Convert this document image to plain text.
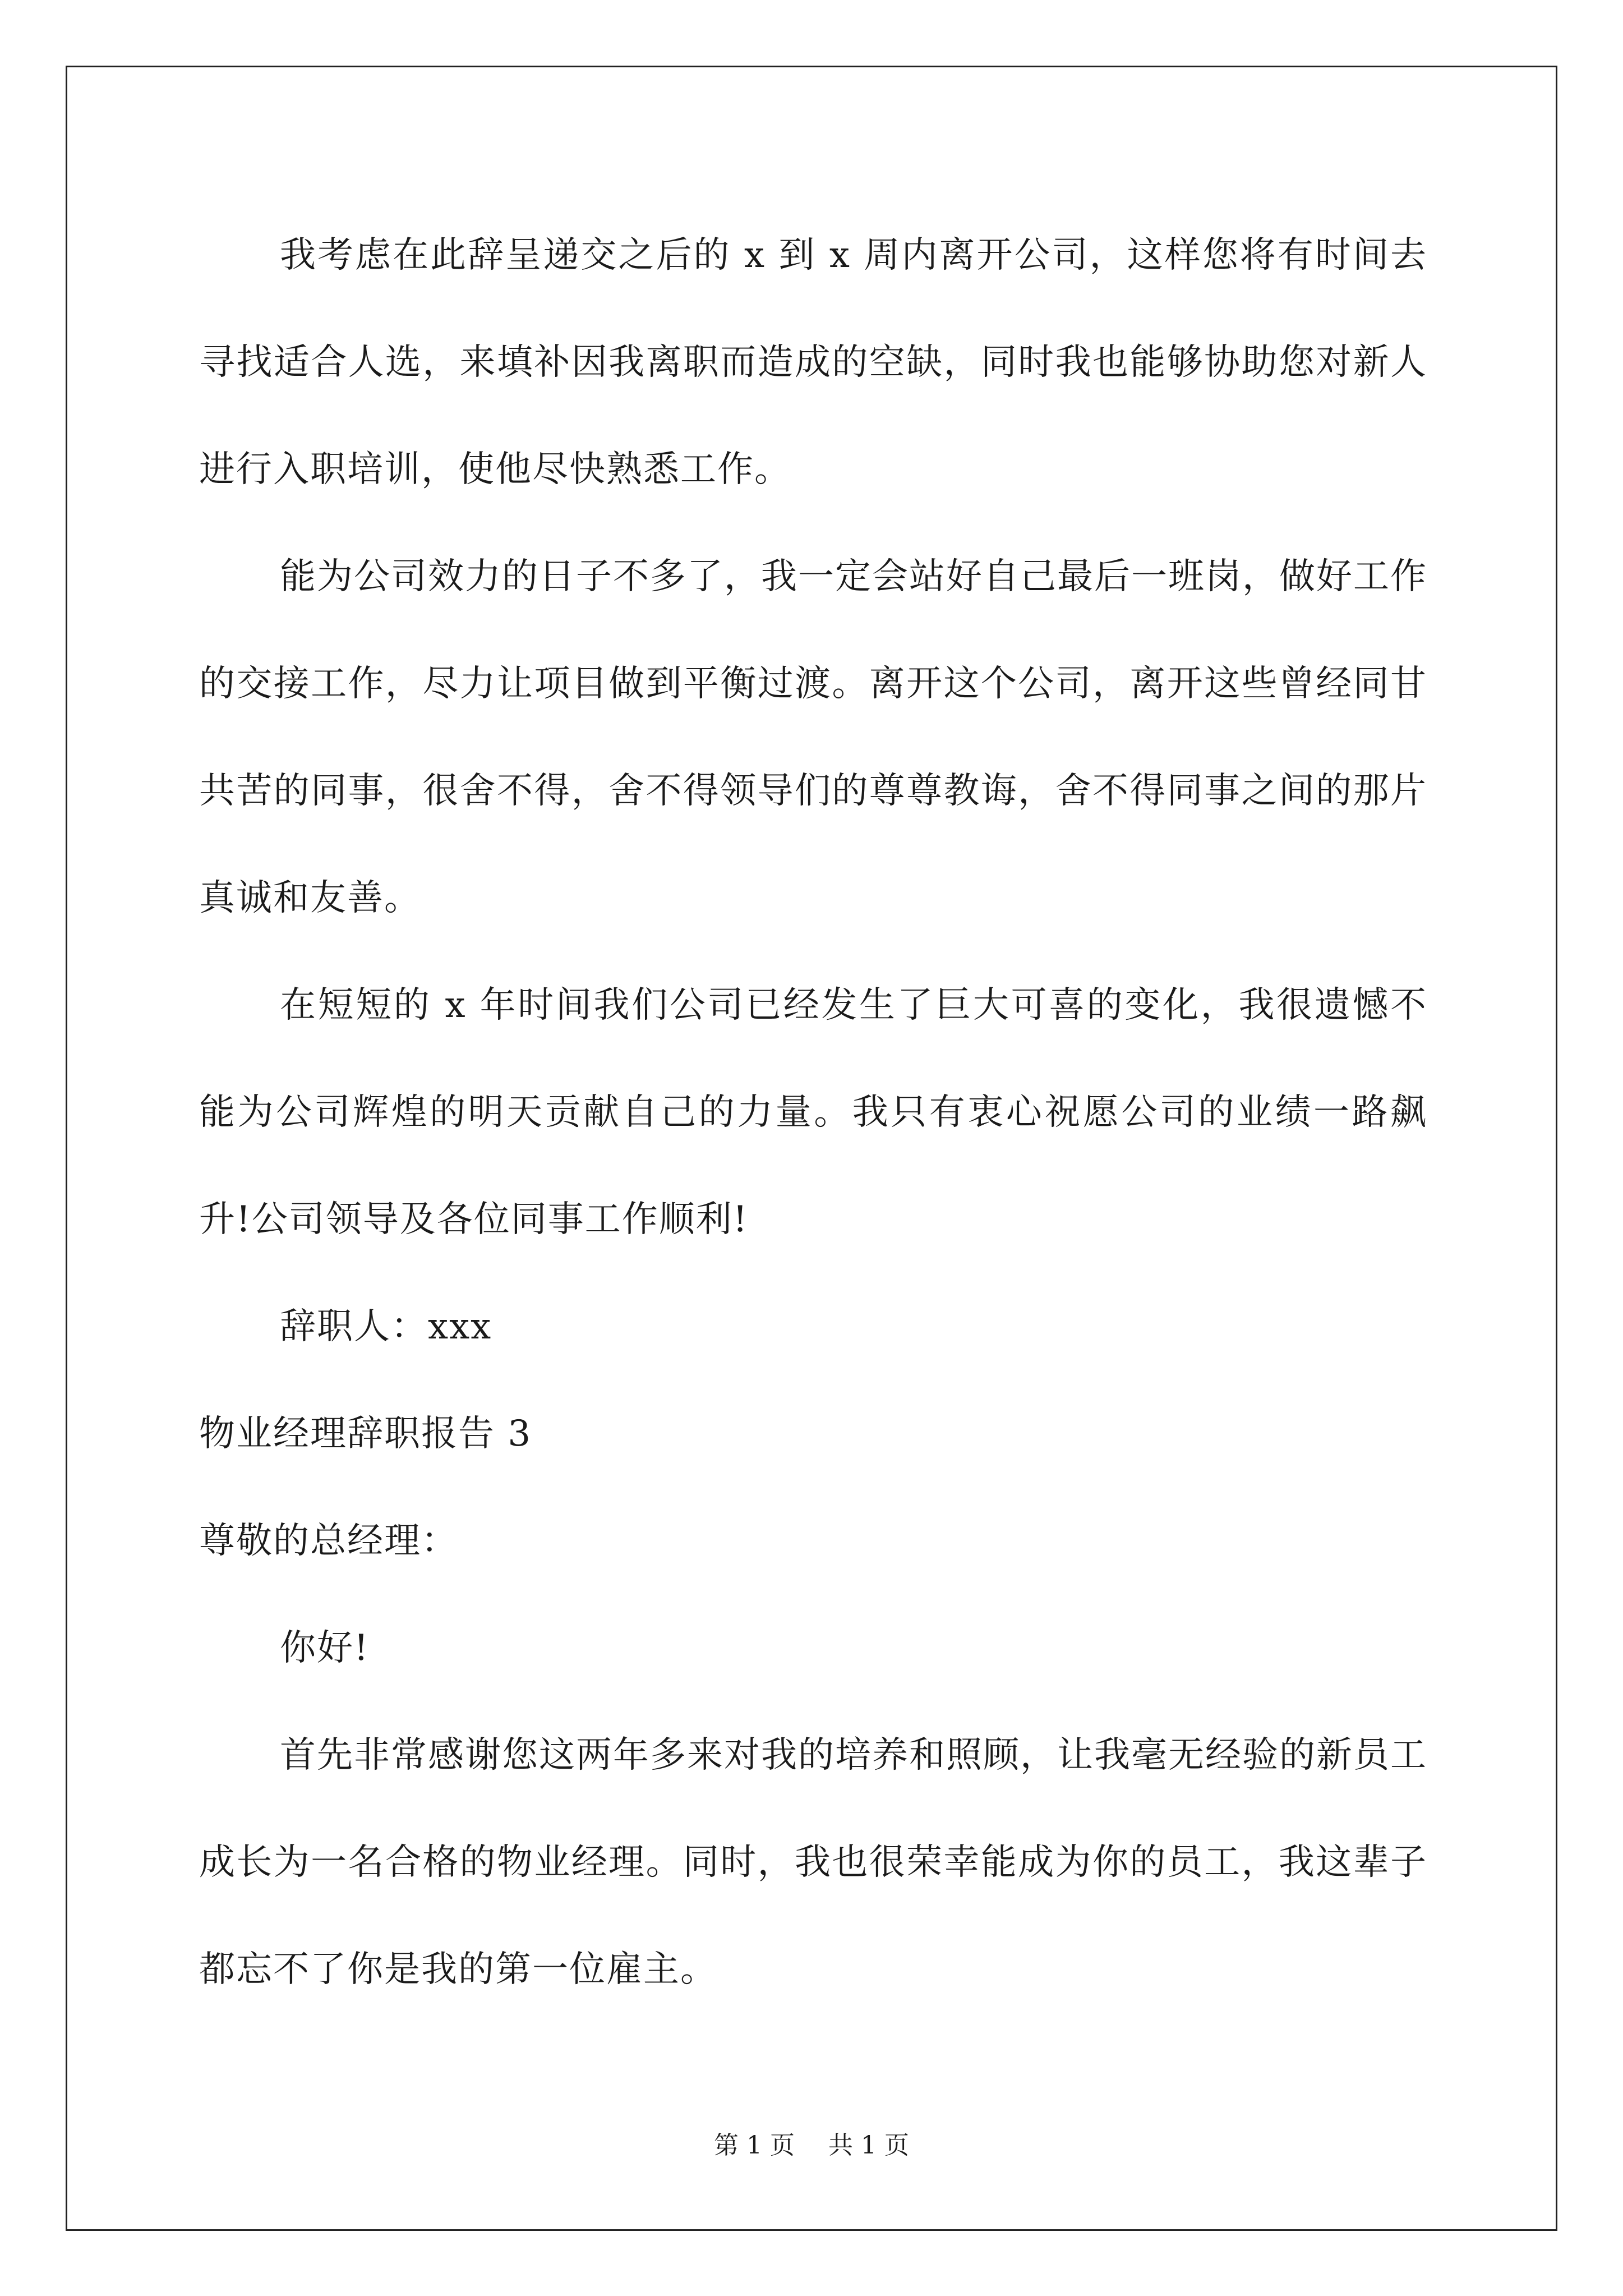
我考虑在此辞呈递交之后的 x 到 x 周内离开公司，这样您将有时间去寻找适合人选，来填补因我离职而造成的空缺，同时我也能够协助您对新人进行入职培训，使他尽快熟悉工作。

能为公司效力的日子不多了，我一定会站好自己最后一班岗，做好工作的交接工作，尽力让项目做到平衡过渡。离开这个公司，离开这些曾经同甘共苦的同事，很舍不得，舍不得领导们的尊尊教诲，舍不得同事之间的那片真诚和友善。

在短短的 x 年时间我们公司已经发生了巨大可喜的变化，我很遗憾不能为公司辉煌的明天贡献自己的力量。我只有衷心祝愿公司的业绩一路飙升!公司领导及各位同事工作顺利!

辞职人：xxx

物业经理辞职报告 3

尊敬的总经理：

你好!

首先非常感谢您这两年多来对我的培养和照顾，让我毫无经验的新员工成长为一名合格的物业经理。同时，我也很荣幸能成为你的员工，我这辈子都忘不了你是我的第一位雇主。

第 1 页 共 1 页
